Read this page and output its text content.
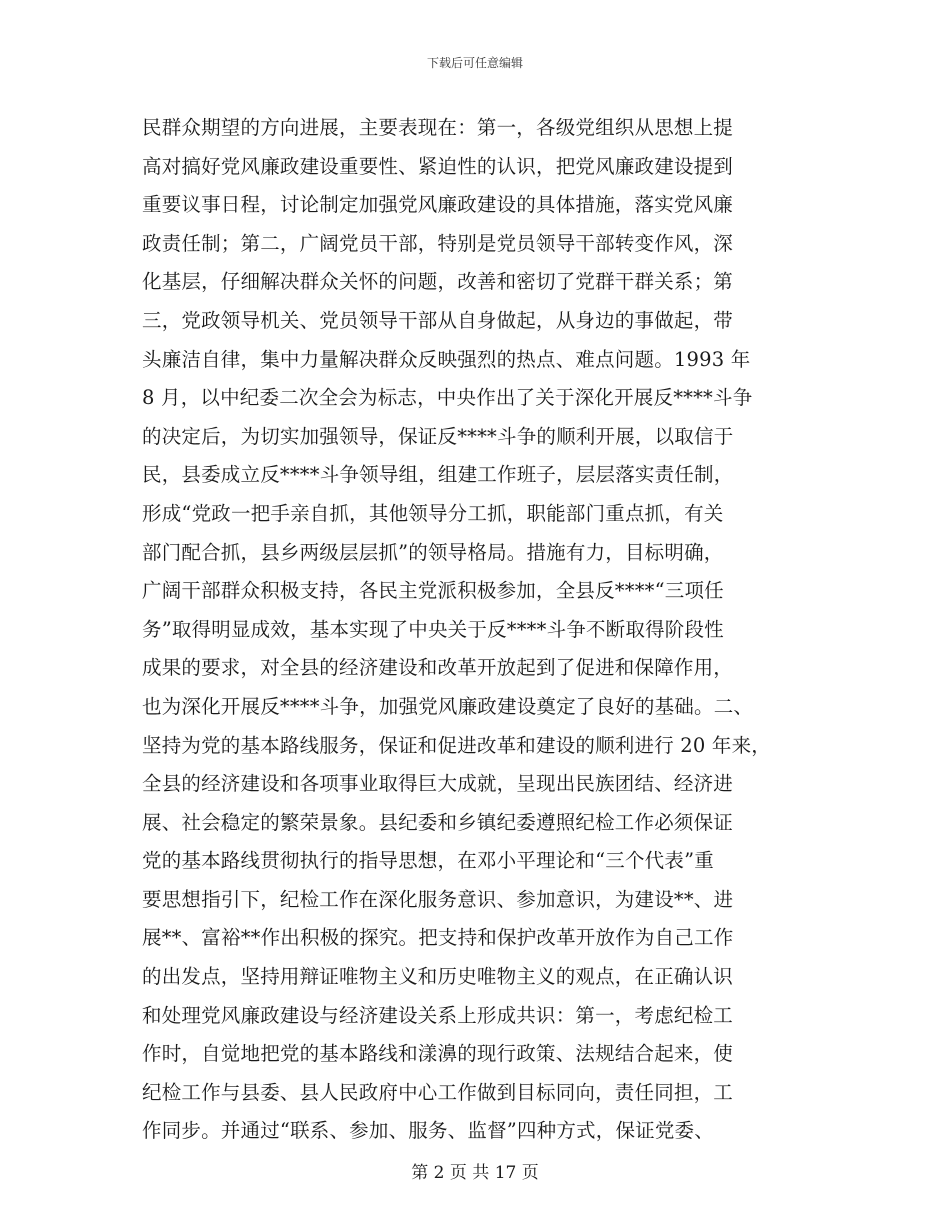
下载后可任意编辑
民群众期望的方向进展，主要表现在：第一，各级党组织从思想上提
高对搞好党风廉政建设重要性、紧迫性的认识，把党风廉政建设提到
重要议事日程，讨论制定加强党风廉政建设的具体措施，落实党风廉
政责任制；第二，广阔党员干部，特别是党员领导干部转变作风，深
化基层，仔细解决群众关怀的问题，改善和密切了党群干群关系；第
三，党政领导机关、党员领导干部从自身做起，从身边的事做起，带
头廉洁自律，集中力量解决群众反映强烈的热点、难点问题。1993 年
8 月，以中纪委二次全会为标志，中央作出了关于深化开展反****斗争
的决定后，为切实加强领导，保证反****斗争的顺利开展，以取信于
民，县委成立反****斗争领导组，组建工作班子，层层落实责任制，
形成“党政一把手亲自抓，其他领导分工抓，职能部门重点抓，有关
部门配合抓，县乡两级层层抓”的领导格局。措施有力，目标明确，
广阔干部群众积极支持，各民主党派积极参加，全县反****“三项任
务”取得明显成效，基本实现了中央关于反****斗争不断取得阶段性
成果的要求，对全县的经济建设和改革开放起到了促进和保障作用，
也为深化开展反****斗争，加强党风廉政建设奠定了良好的基础。二、
坚持为党的基本路线服务，保证和促进改革和建设的顺利进行 20 年来，
全县的经济建设和各项事业取得巨大成就，呈现出民族团结、经济进
展、社会稳定的繁荣景象。县纪委和乡镇纪委遵照纪检工作必须保证
党的基本路线贯彻执行的指导思想，在邓小平理论和“三个代表”重
要思想指引下，纪检工作在深化服务意识、参加意识，为建设**、进
展**、富裕**作出积极的探究。把支持和保护改革开放作为自己工作
的出发点，坚持用辩证唯物主义和历史唯物主义的观点，在正确认识
和处理党风廉政建设与经济建设关系上形成共识：第一，考虑纪检工
作时，自觉地把党的基本路线和漾濞的现行政策、法规结合起来，使
纪检工作与县委、县人民政府中心工作做到目标同向，责任同担，工
作同步。并通过“联系、参加、服务、监督”四种方式，保证党委、
第 2 页 共 17 页
